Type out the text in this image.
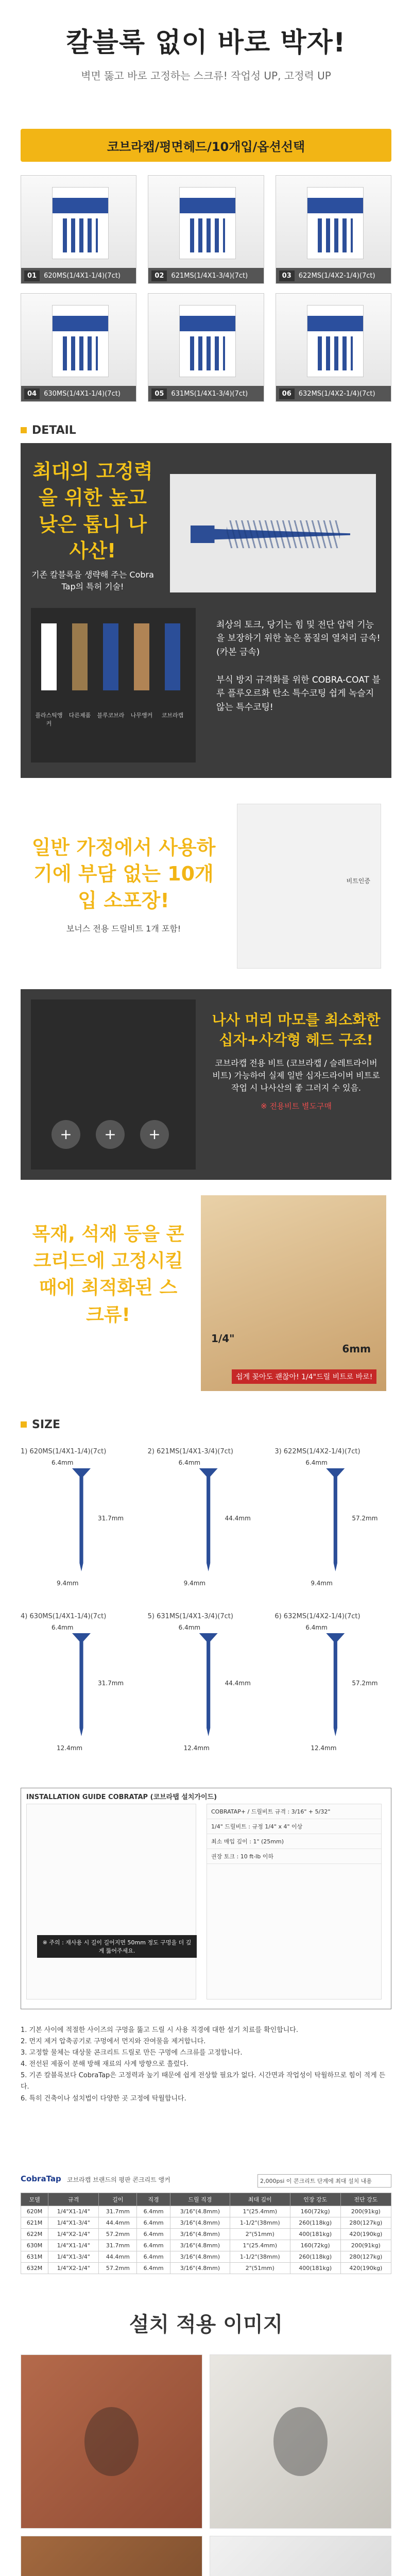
칼블록 없이 바로 박자!
벽면 뚫고 바로 고정하는 스크류! 작업성 UP, 고정력 UP
코브라캡/평면헤드/10개입/옵션선택
01	620MS(1/4X1-1/4)(7ct)	02	621MS(1/4X1-3/4)(7ct)	03	622MS(1/4X2-1/4)(7ct)
04	630MS(1/4X1-1/4)(7ct)	05	631MS(1/4X1-3/4)(7ct)	06	632MS(1/4X2-1/4)(7ct)
DETAIL
최대의 고정력을 위한 높고 낮은 톱니 나사산!
기존 칼블록을 생략해 주는 Cobra Tap의 특허 기술!
플라스틱앵커
다른제품	블루코브라	나무앵커	코브라캡
최상의 토크, 당기는 힘 및 전단 압력 기능을 보장하기 위한 높은 품질의 열처리 금속! (카본 금속)
부식 방지 규격화를 위한 COBRA-COAT 블루 플루오르화 탄소 특수코팅 쉽게 녹슬지 않는 특수코팅!
일반 가정에서 사용하기에 부담 없는 10개입 소포장!
보너스 전용 드릴비트 1개 포함!
비트인증
+	+	+
나사 머리 마모를 최소화한 십자+사각형 헤드 구조!
코브라캡 전용 비트 (코브라캡 / 슬레트라이버비트) 가능하여 실제 일반 십자드라이버 비트로 작업 시 나사산의 좋 그러지 수 있음.
※ 전용비트 별도구매
목재, 석재 등을 콘크리드에 고정시킬 때에 최적화된 스크류!
1/4"
6mm
쉽게 꽂아도 괜찮아! 1/4"드릴 비트로 바로!
SIZE
1) 620MS(1/4X1-1/4)(7ct)
6.4mm
31.7mm
9.4mm
2) 621MS(1/4X1-3/4)(7ct)
6.4mm
44.4mm
9.4mm
3) 622MS(1/4X2-1/4)(7ct)
6.4mm
57.2mm
9.4mm
4) 630MS(1/4X1-1/4)(7ct)
6.4mm
31.7mm
12.4mm
5) 631MS(1/4X1-3/4)(7ct)
6.4mm
44.4mm
12.4mm
6) 632MS(1/4X2-1/4)(7ct)
6.4mm
57.2mm
12.4mm
INSTALLATION GUIDE COBRATAP (코브라탭 설치가이드)
※ 주의 : 재사용 시 길이 길어지면 50mm 정도 구멍을 더 깊게 뚫어주세요.
COBRATAP+ / 드릴비트 규격 : 3/16" + 5/32"
1/4" 드릴비트 : 규정 1/4" x 4" 이상
최소 매입 깊이 : 1" (25mm)
권장 토크 : 10 ft-lb 이하

1. 기본 사이에 적절한 사이즈의 구멍을 뚫고 드릴 시 사용 직경에 대한 설기 치료를 확인합니다.

2. 먼지 제거 압축공기로 구멍에서 먼지와 잔여물을 제거합니다.

3. 고정할 물체는 대상물 콘크리트 드릴로 만든 구멍에 스크류를 고정합니다.

4. 전선된 제품이 분해 방해 재료의 사계 방향으로 흘렀다.

5. 기존 칼블록보다 CobraTap은 고정력과 높기 때문에 쉽게 전상할 필요가 없다. 시간면과 작업성이 탁월하므로 힘이 적게 든다.

6. 특히 건축이나 설치법이 다양한 곳 고정에 탁월합니다.

CobraTap 코브라캡 브랜드의 평판 콘크리트 앵커	2,000psi 이 콘크리트 단계에 최대 설치 내용
모델	규격	길이	직경	드릴 직경	최대 깊이	인장 강도	전단 강도
620M	1/4"X1-1/4"	31.7mm	6.4mm	3/16"(4.8mm)	1"(25.4mm)	160(72kg)	200(91kg)
621M	1/4"X1-3/4"	44.4mm	6.4mm	3/16"(4.8mm)	1-1/2"(38mm)	260(118kg)	280(127kg)
622M	1/4"X2-1/4"	57.2mm	6.4mm	3/16"(4.8mm)	2"(51mm)	400(181kg)	420(190kg)
630M	1/4"X1-1/4"	31.7mm	6.4mm	3/16"(4.8mm)	1"(25.4mm)	160(72kg)	200(91kg)
631M	1/4"X1-3/4"	44.4mm	6.4mm	3/16"(4.8mm)	1-1/2"(38mm)	260(118kg)	280(127kg)
632M	1/4"X2-1/4"	57.2mm	6.4mm	3/16"(4.8mm)	2"(51mm)	400(181kg)	420(190kg)
설치 적용 이미지
